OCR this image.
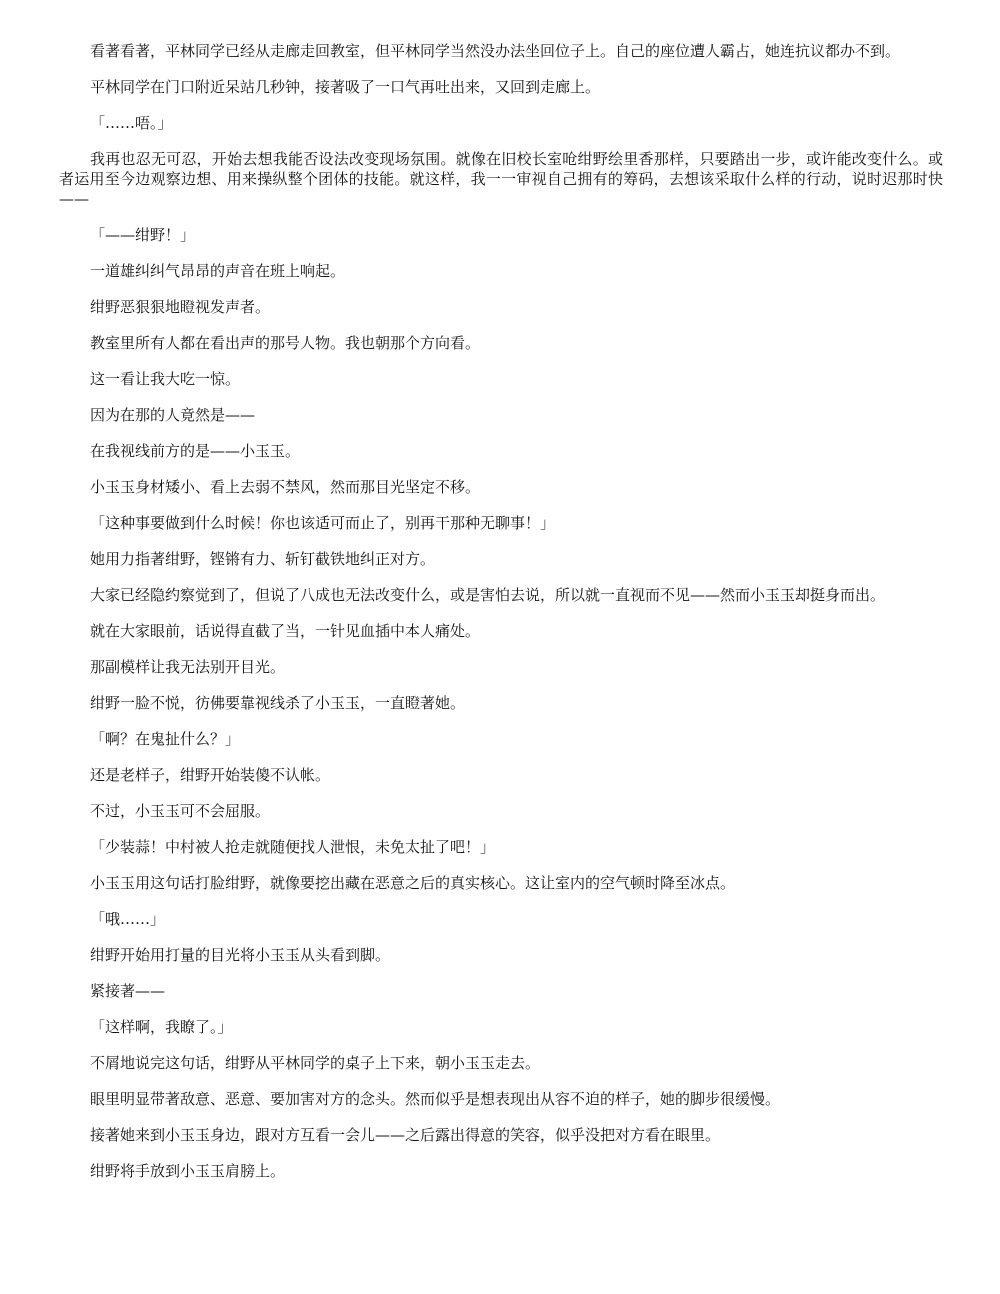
看著看著，平林同学已经从走廊走回教室，但平林同学当然没办法坐回位子上。自己的座位遭人霸占，她连抗议都办不到。

平林同学在门口附近呆站几秒钟，接著吸了一口气再吐出来，又回到走廊上。

「……唔。」

我再也忍无可忍，开始去想我能否设法改变现场氛围。就像在旧校长室呛绀野绘里香那样，只要踏出一步，或许能改变什么。或者运用至今边观察边想、用来操纵整个团体的技能。就这样，我一一审视自己拥有的筹码，去想该采取什么样的行动，说时迟那时快——

「——绀野！」

一道雄纠纠气昂昂的声音在班上响起。

绀野恶狠狠地瞪视发声者。

教室里所有人都在看出声的那号人物。我也朝那个方向看。

这一看让我大吃一惊。

因为在那的人竟然是——

在我视线前方的是——小玉玉。

小玉玉身材矮小、看上去弱不禁风，然而那目光坚定不移。

「这种事要做到什么时候！你也该适可而止了，别再干那种无聊事！」

她用力指著绀野，铿锵有力、斩钉截铁地纠正对方。

大家已经隐约察觉到了，但说了八成也无法改变什么，或是害怕去说，所以就一直视而不见——然而小玉玉却挺身而出。

就在大家眼前，话说得直截了当，一针见血插中本人痛处。

那副模样让我无法别开目光。

绀野一脸不悦，彷佛要靠视线杀了小玉玉，一直瞪著她。

「啊？在鬼扯什么？」

还是老样子，绀野开始装傻不认帐。

不过，小玉玉可不会屈服。

「少装蒜！中村被人抢走就随便找人泄恨，未免太扯了吧！」

小玉玉用这句话打脸绀野，就像要挖出藏在恶意之后的真实核心。这让室内的空气顿时降至冰点。

「哦……」

绀野开始用打量的目光将小玉玉从头看到脚。

紧接著——

「这样啊，我瞭了。」

不屑地说完这句话，绀野从平林同学的桌子上下来，朝小玉玉走去。

眼里明显带著敌意、恶意、要加害对方的念头。然而似乎是想表现出从容不迫的样子，她的脚步很缓慢。

接著她来到小玉玉身边，跟对方互看一会儿——之后露出得意的笑容，似乎没把对方看在眼里。

绀野将手放到小玉玉肩膀上。
